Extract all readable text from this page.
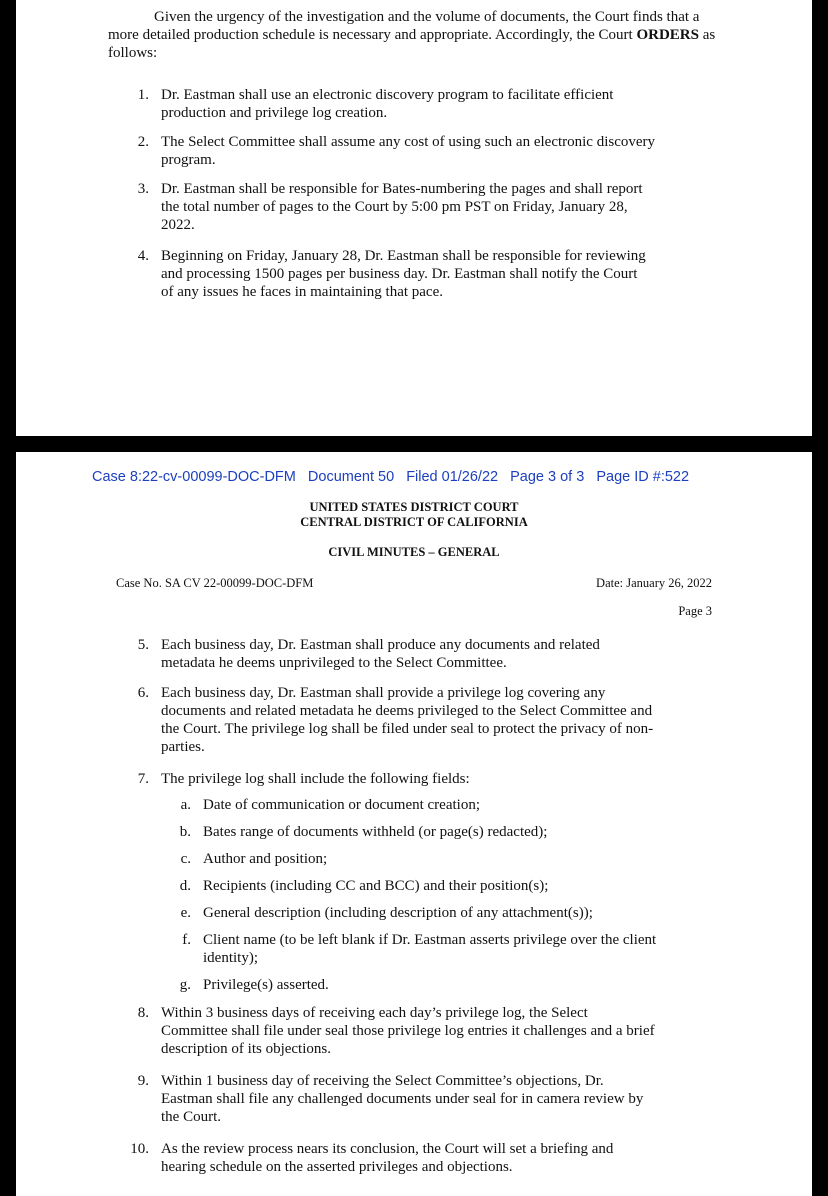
Given the urgency of the investigation and the volume of documents, the Court finds that a more detailed production schedule is necessary and appropriate. Accordingly, the Court ORDERS as follows:
1. Dr. Eastman shall use an electronic discovery program to facilitate efficient
production and privilege log creation.
2. The Select Committee shall assume any cost of using such an electronic discovery
program.
3. Dr. Eastman shall be responsible for Bates-numbering the pages and shall report
the total number of pages to the Court by 5:00 pm PST on Friday, January 28,
2022.
4. Beginning on Friday, January 28, Dr. Eastman shall be responsible for reviewing
and processing 1500 pages per business day. Dr. Eastman shall notify the Court
of any issues he faces in maintaining that pace.
Case 8:22-cv-00099-DOC-DFM Document 50 Filed 01/26/22 Page 3 of 3 Page ID #:522
UNITED STATES DISTRICT COURT
CENTRAL DISTRICT OF CALIFORNIA
CIVIL MINUTES – GENERAL
Case No. SA CV 22-00099-DOC-DFM	Date: January 26, 2022
Page 3
5. Each business day, Dr. Eastman shall produce any documents and related
metadata he deems unprivileged to the Select Committee.
6. Each business day, Dr. Eastman shall provide a privilege log covering any
documents and related metadata he deems privileged to the Select Committee and
the Court. The privilege log shall be filed under seal to protect the privacy of non-
parties.
7. The privilege log shall include the following fields:
a. Date of communication or document creation;
b. Bates range of documents withheld (or page(s) redacted);
c. Author and position;
d. Recipients (including CC and BCC) and their position(s);
e. General description (including description of any attachment(s));
f. Client name (to be left blank if Dr. Eastman asserts privilege over the client
identity);
g. Privilege(s) asserted.
8. Within 3 business days of receiving each day’s privilege log, the Select
Committee shall file under seal those privilege log entries it challenges and a brief
description of its objections.
9. Within 1 business day of receiving the Select Committee’s objections, Dr.
Eastman shall file any challenged documents under seal for in camera review by
the Court.
10. As the review process nears its conclusion, the Court will set a briefing and
hearing schedule on the asserted privileges and objections.
